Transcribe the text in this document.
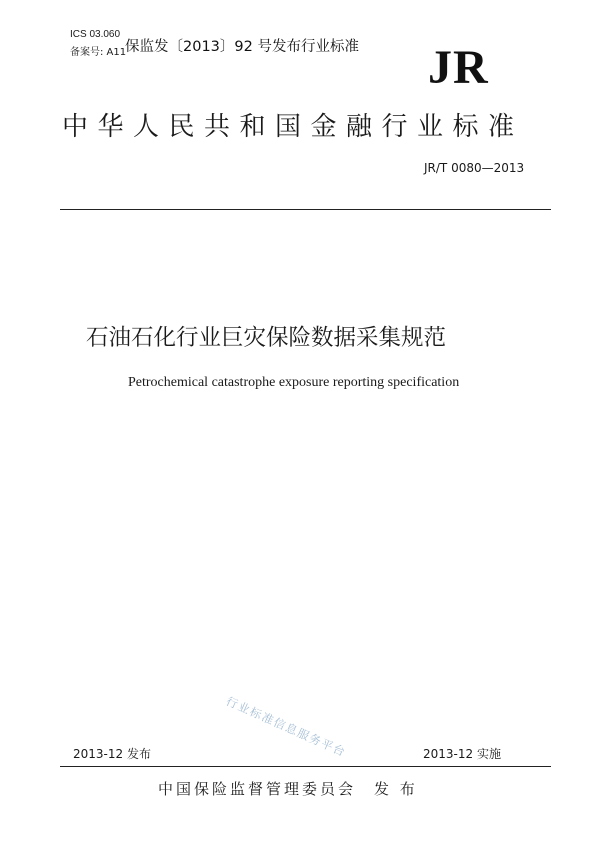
ICS 03.060
备案号: A11
保监发〔2013〕92 号发布行业标准 JR
中华人民共和国金融行业标准
JR/T 0080—2013
石油石化行业巨灾保险数据采集规范
Petrochemical catastrophe exposure reporting specification
行业标准信息服务平台
2013-12 发布	2013-12 实施
中国保险监督管理委员会　发 布
